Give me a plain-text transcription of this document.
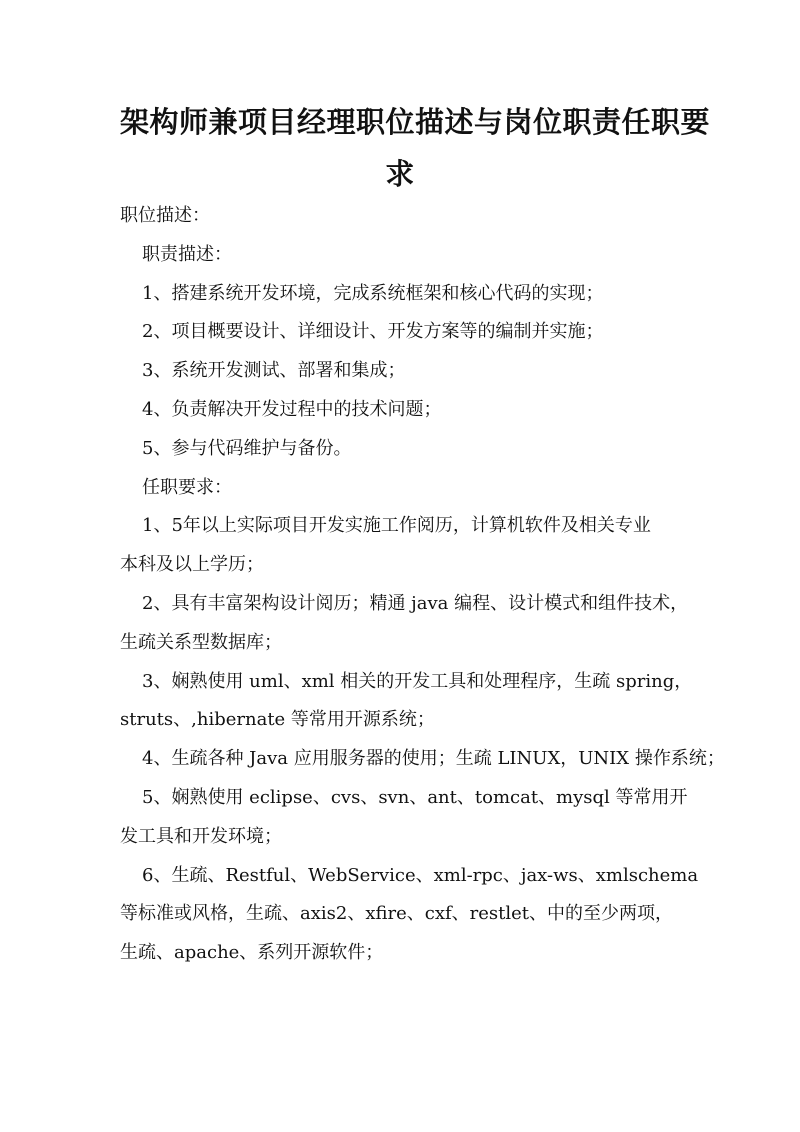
架构师兼项目经理职位描述与岗位职责任职要
求
职位描述：
职责描述：
1、搭建系统开发环境，完成系统框架和核心代码的实现；
2、项目概要设计、详细设计、开发方案等的编制并实施；
3、系统开发测试、部署和集成；
4、负责解决开发过程中的技术问题；
5、参与代码维护与备份。
任职要求：
1、5年以上实际项目开发实施工作阅历，计算机软件及相关专业
本科及以上学历；
2、具有丰富架构设计阅历；精通 java 编程、设计模式和组件技术，
生疏关系型数据库；
3、娴熟使用 uml、xml 相关的开发工具和处理程序，生疏 spring，
struts、,hibernate 等常用开源系统；
4、生疏各种 Java 应用服务器的使用；生疏 LINUX，UNIX 操作系统；
5、娴熟使用 eclipse、cvs、svn、ant、tomcat、mysql 等常用开
发工具和开发环境；
6、生疏、Restful、WebService、xml-rpc、jax-ws、xmlschema
等标准或风格，生疏、axis2、xfire、cxf、restlet、中的至少两项，
生疏、apache、系列开源软件；
